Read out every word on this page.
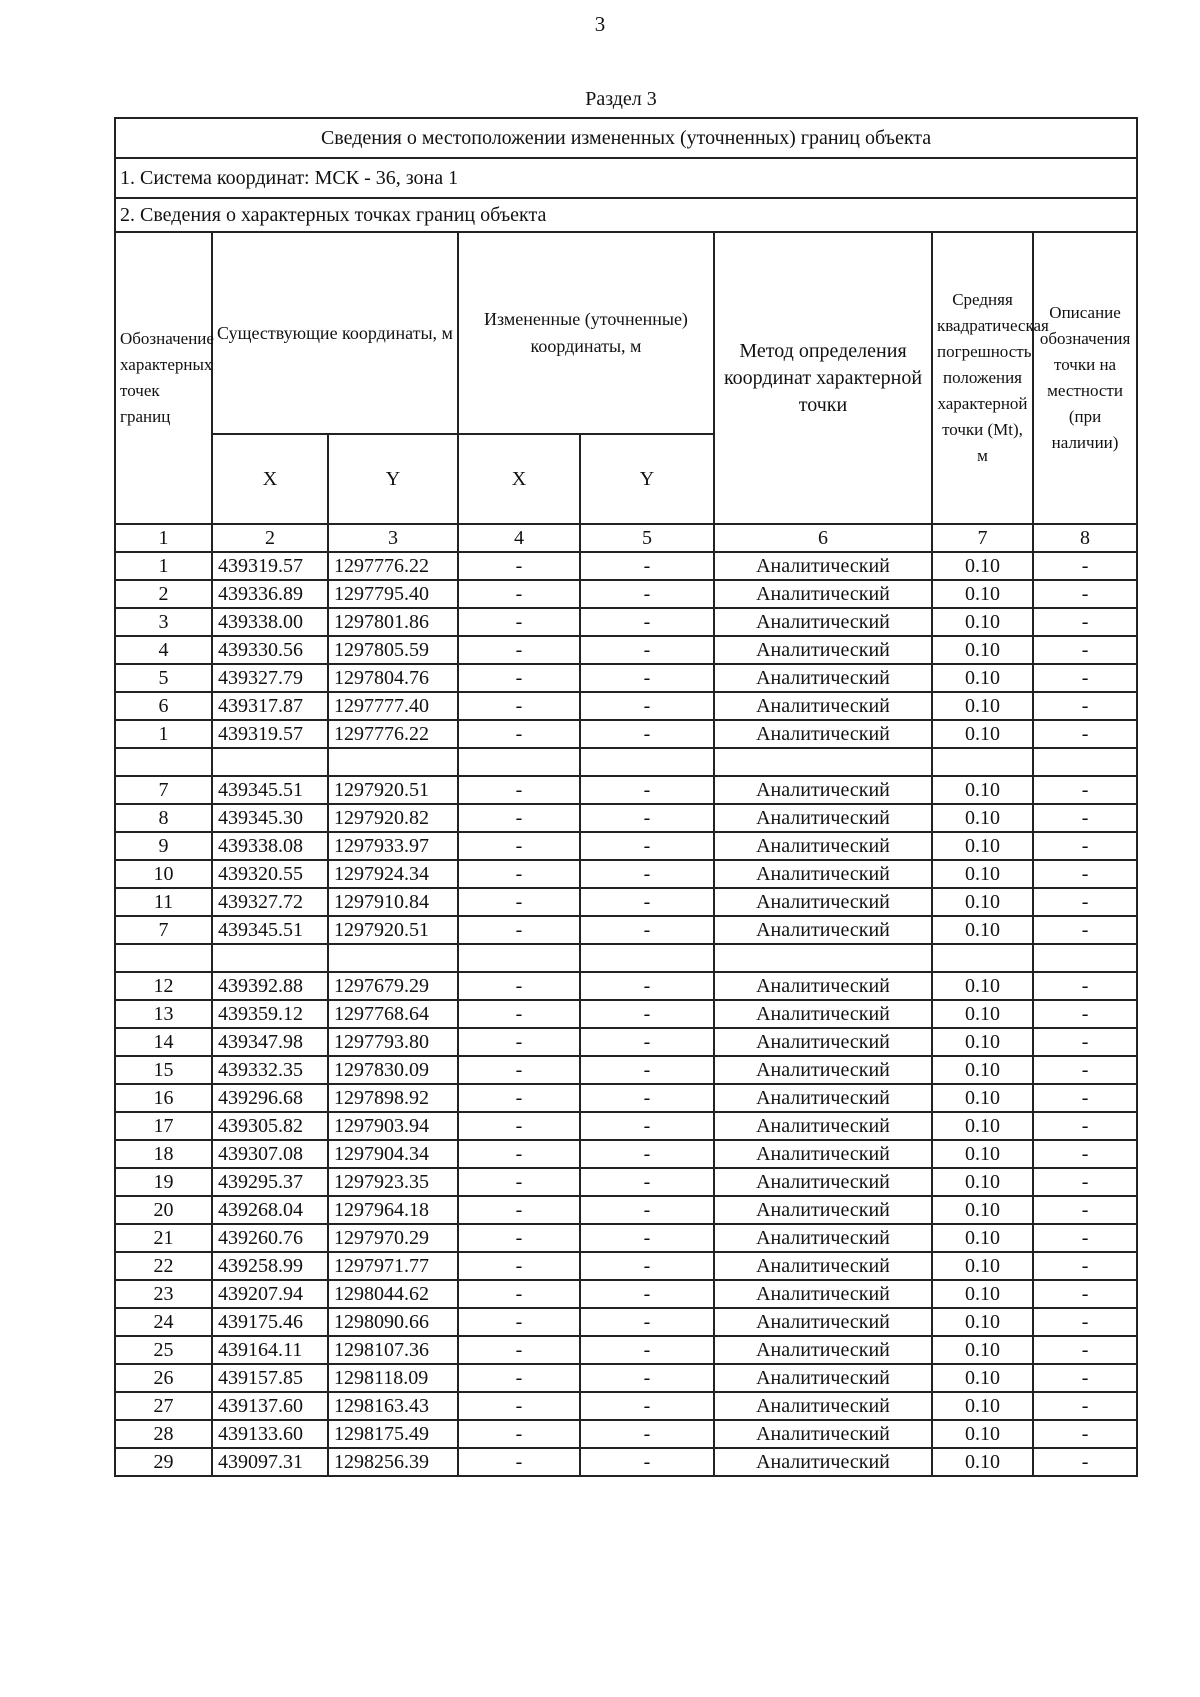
3
Раздел 3
Сведения о местоположении измененных (уточненных) границ объекта							
1. Система координат: МСК - 36, зона 1							
2. Сведения о характерных точках границ объекта							
Обозначение характерных точек границ	Существующие координаты, м		Измененные (уточненные) координаты, м		Метод определения координат характерной точки	Средняя квадратическая погрешность положения характерной точки (Mt), м	Описание обозначения точки на местности (при наличии)
	X	Y	X	Y			
1	2	3	4	5	6	7	8
1	439319.57	1297776.22	-	-	Аналитический	0.10	-
2	439336.89	1297795.40	-	-	Аналитический	0.10	-
3	439338.00	1297801.86	-	-	Аналитический	0.10	-
4	439330.56	1297805.59	-	-	Аналитический	0.10	-
5	439327.79	1297804.76	-	-	Аналитический	0.10	-
6	439317.87	1297777.40	-	-	Аналитический	0.10	-
1	439319.57	1297776.22	-	-	Аналитический	0.10	-

7	439345.51	1297920.51	-	-	Аналитический	0.10	-
8	439345.30	1297920.82	-	-	Аналитический	0.10	-
9	439338.08	1297933.97	-	-	Аналитический	0.10	-
10	439320.55	1297924.34	-	-	Аналитический	0.10	-
11	439327.72	1297910.84	-	-	Аналитический	0.10	-
7	439345.51	1297920.51	-	-	Аналитический	0.10	-

12	439392.88	1297679.29	-	-	Аналитический	0.10	-
13	439359.12	1297768.64	-	-	Аналитический	0.10	-
14	439347.98	1297793.80	-	-	Аналитический	0.10	-
15	439332.35	1297830.09	-	-	Аналитический	0.10	-
16	439296.68	1297898.92	-	-	Аналитический	0.10	-
17	439305.82	1297903.94	-	-	Аналитический	0.10	-
18	439307.08	1297904.34	-	-	Аналитический	0.10	-
19	439295.37	1297923.35	-	-	Аналитический	0.10	-
20	439268.04	1297964.18	-	-	Аналитический	0.10	-
21	439260.76	1297970.29	-	-	Аналитический	0.10	-
22	439258.99	1297971.77	-	-	Аналитический	0.10	-
23	439207.94	1298044.62	-	-	Аналитический	0.10	-
24	439175.46	1298090.66	-	-	Аналитический	0.10	-
25	439164.11	1298107.36	-	-	Аналитический	0.10	-
26	439157.85	1298118.09	-	-	Аналитический	0.10	-
27	439137.60	1298163.43	-	-	Аналитический	0.10	-
28	439133.60	1298175.49	-	-	Аналитический	0.10	-
29	439097.31	1298256.39	-	-	Аналитический	0.10	-
